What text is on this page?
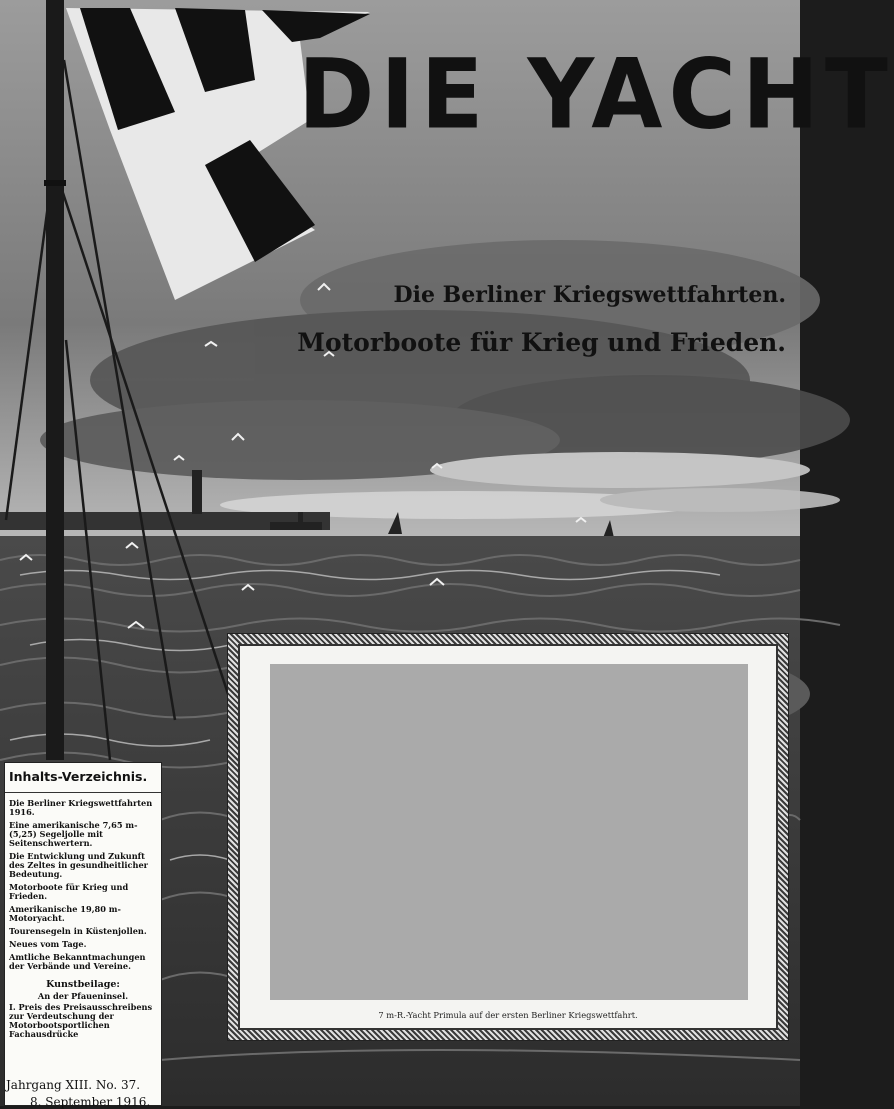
DIE YACHT
Die Berliner Kriegswettfahrten.
Motorboote für Krieg und Frieden.
7 m-R.-Yacht Primula auf der ersten Berliner Kriegswettfahrt.
Inhalts-Verzeichnis.
Die Berliner Kriegswettfahrten 1916.
Eine amerikanische 7,65 m-(5,25) Segeljolle mit Seitenschwertern.
Die Entwicklung und Zukunft des Zeltes in gesundheitlicher Bedeutung.
Motorboote für Krieg und Frieden.
Amerikanische 19,80 m-Motoryacht.
Tourensegeln in Küstenjollen.
Neues vom Tage.
Amtliche Bekanntmachungen der Verbände und Vereine.
Kunstbeilage:
An der Pfaueninsel.
I. Preis des Preisausschreibens zur Verdeutschung der Motorbootsportlichen Fachausdrücke
Jahrgang XIII. No. 37.
8. September 1916.
